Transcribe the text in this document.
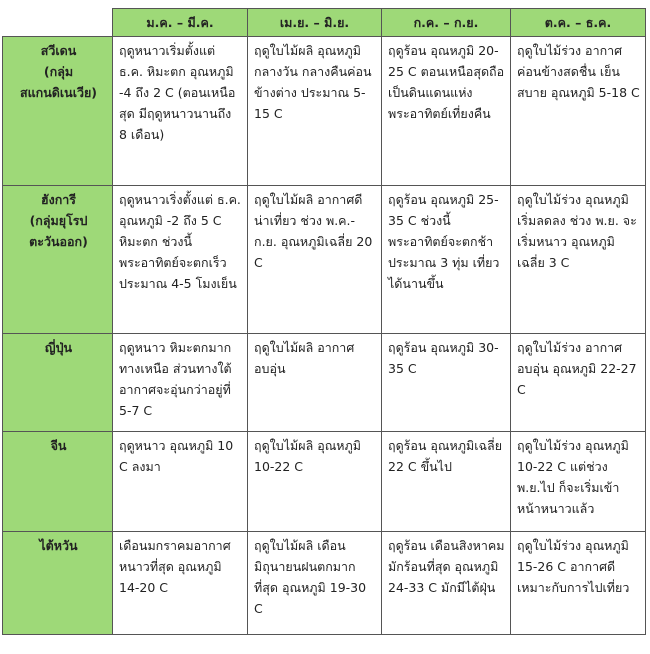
	ม.ค. – มี.ค.	เม.ย. – มิ.ย.	ก.ค. – ก.ย.	ต.ค. – ธ.ค.

สวีเดน
(กลุ่ม
สแกนดิเนเวีย)	ฤดูหนาวเริ่มตั้งแต่ ธ.ค. หิมะตก อุณหภูมิ -4 ถึง 2 C (ตอนเหนือสุด มีฤดูหนาวนานถึง 8 เดือน)	ฤดูใบไม้ผลิ อุณหภูมิกลางวัน กลางคืนค่อนข้างต่าง ประมาณ 5-15 C	ฤดูร้อน อุณหภูมิ 20-25 C ตอนเหนือสุดถือเป็นดินแดนแห่งพระอาทิตย์เที่ยงคืน	ฤดูใบไม้ร่วง อากาศค่อนข้างสดชื่น เย็นสบาย อุณหภูมิ 5-18 C

ฮังการี
(กลุ่มยุโรป
ตะวันออก)	ฤดูหนาวเริ่งตั้งแต่ ธ.ค. อุณหภูมิ -2 ถึง 5 C หิมะตก ช่วงนี้พระอาทิตย์จะตกเร็ว ประมาณ 4-5 โมงเย็น	ฤดูใบไม้ผลิ อากาศดีน่าเที่ยว ช่วง พ.ค.-ก.ย. อุณหภูมิเฉลี่ย 20 C	ฤดูร้อน อุณหภูมิ 25-35 C ช่วงนี้พระอาทิตย์จะตกช้า ประมาณ 3 ทุ่ม เที่ยวได้นานขึ้น	ฤดูใบไม้ร่วง อุณหภูมิเริ่มลดลง ช่วง พ.ย. จะเริ่มหนาว อุณหภูมิเฉลี่ย 3 C

ญี่ปุ่น	ฤดูหนาว หิมะตกมากทางเหนือ ส่วนทางใต้อากาศจะอุ่นกว่าอยู่ที่ 5-7 C	ฤดูใบไม้ผลิ อากาศอบอุ่น	ฤดูร้อน อุณหภูมิ 30-35 C	ฤดูใบไม้ร่วง อากาศอบอุ่น อุณหภูมิ 22-27 C

จีน	ฤดูหนาว อุณหภูมิ 10 C ลงมา	ฤดูใบไม้ผลิ อุณหภูมิ 10-22 C	ฤดูร้อน อุณหภูมิเฉลี่ย 22 C ขึ้นไป	ฤดูใบไม้ร่วง อุณหภูมิ 10-22 C แต่ช่วง พ.ย.ไป ก็จะเริ่มเข้าหน้าหนาวแล้ว

ไต้หวัน	เดือนมกราคมอากาศหนาวที่สุด อุณหภูมิ 14-20 C	ฤดูใบไม้ผลิ เดือนมิถุนายนฝนตกมากที่สุด อุณหภูมิ 19-30 C	ฤดูร้อน เดือนสิงหาคมมักร้อนที่สุด อุณหภูมิ 24-33 C มักมีไต้ฝุ่น	ฤดูใบไม้ร่วง อุณหภูมิ 15-26 C อากาศดีเหมาะกับการไปเที่ยว
